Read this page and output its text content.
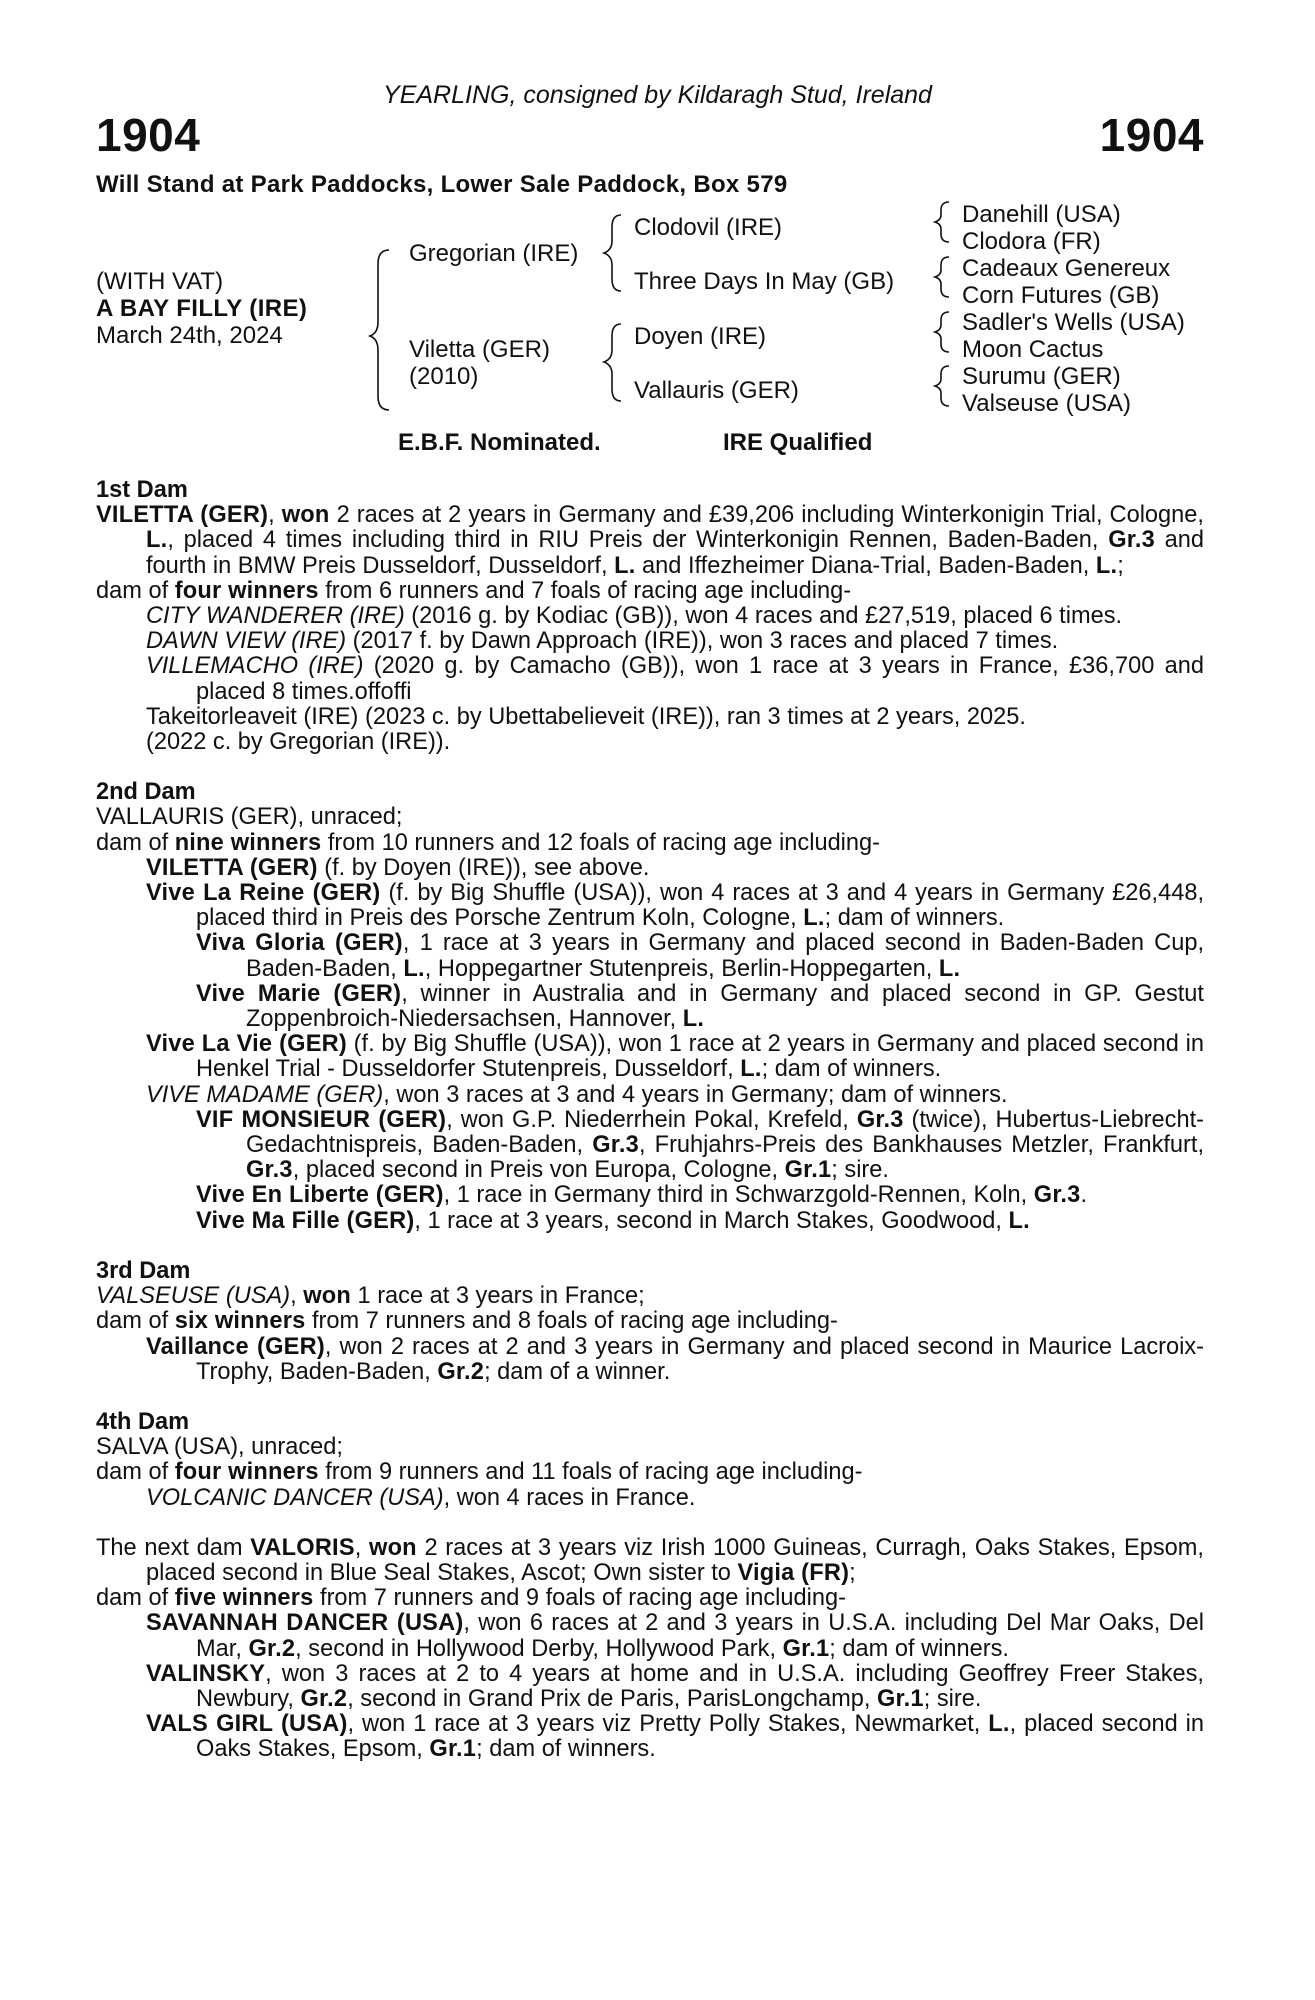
YEARLING, consigned by Kildaragh Stud, Ireland
1904	1904
Will Stand at Park Paddocks, Lower Sale Paddock, Box 579
(WITH VAT)
A BAY FILLY (IRE)
March 24th, 2024
Gregorian (IRE)
Viletta (GER)
(2010)
Clodovil (IRE)
Three Days In May (GB)
Doyen (IRE)
Vallauris (GER)
Danehill (USA)
Clodora (FR)
Cadeaux Genereux
Corn Futures (GB)
Sadler's Wells (USA)
Moon Cactus
Surumu (GER)
Valseuse (USA)
E.B.F. Nominated.	IRE Qualified
1st Dam
VILETTA (GER), won 2 races at 2 years in Germany and £39,206 including Winterkonigin Trial, Cologne, L., placed 4 times including third in RIU Preis der Winterkonigin Rennen, Baden-Baden, Gr.3 and fourth in BMW Preis Dusseldorf, Dusseldorf, L. and Iffezheimer Diana-Trial, Baden-Baden, L.;
dam of four winners from 6 runners and 7 foals of racing age including-
CITY WANDERER (IRE) (2016 g. by Kodiac (GB)), won 4 races and £27,519, placed 6 times.
DAWN VIEW (IRE) (2017 f. by Dawn Approach (IRE)), won 3 races and placed 7 times.
VILLEMACHO (IRE) (2020 g. by Camacho (GB)), won 1 race at 3 years in France, £36,700 and placed 8 times.offoffi
Takeitorleaveit (IRE) (2023 c. by Ubettabelieveit (IRE)), ran 3 times at 2 years, 2025.
(2022 c. by Gregorian (IRE)).
2nd Dam
VALLAURIS (GER), unraced;
dam of nine winners from 10 runners and 12 foals of racing age including-
VILETTA (GER) (f. by Doyen (IRE)), see above.
Vive La Reine (GER) (f. by Big Shuffle (USA)), won 4 races at 3 and 4 years in Germany £26,448, placed third in Preis des Porsche Zentrum Koln, Cologne, L.; dam of winners.
Viva Gloria (GER), 1 race at 3 years in Germany and placed second in Baden-Baden Cup, Baden-Baden, L., Hoppegartner Stutenpreis, Berlin-Hoppegarten, L.
Vive Marie (GER), winner in Australia and in Germany and placed second in GP. Gestut Zoppenbroich-Niedersachsen, Hannover, L.
Vive La Vie (GER) (f. by Big Shuffle (USA)), won 1 race at 2 years in Germany and placed second in Henkel Trial - Dusseldorfer Stutenpreis, Dusseldorf, L.; dam of winners.
VIVE MADAME (GER), won 3 races at 3 and 4 years in Germany; dam of winners.
VIF MONSIEUR (GER), won G.P. Niederrhein Pokal, Krefeld, Gr.3 (twice), Hubertus-Liebrecht-Gedachtnispreis, Baden-Baden, Gr.3, Fruhjahrs-Preis des Bankhauses Metzler, Frankfurt, Gr.3, placed second in Preis von Europa, Cologne, Gr.1; sire.
Vive En Liberte (GER), 1 race in Germany third in Schwarzgold-Rennen, Koln, Gr.3.
Vive Ma Fille (GER), 1 race at 3 years, second in March Stakes, Goodwood, L.
3rd Dam
VALSEUSE (USA), won 1 race at 3 years in France;
dam of six winners from 7 runners and 8 foals of racing age including-
Vaillance (GER), won 2 races at 2 and 3 years in Germany and placed second in Maurice Lacroix-Trophy, Baden-Baden, Gr.2; dam of a winner.
4th Dam
SALVA (USA), unraced;
dam of four winners from 9 runners and 11 foals of racing age including-
VOLCANIC DANCER (USA), won 4 races in France.
The next dam VALORIS, won 2 races at 3 years viz Irish 1000 Guineas, Curragh, Oaks Stakes, Epsom, placed second in Blue Seal Stakes, Ascot; Own sister to Vigia (FR);
dam of five winners from 7 runners and 9 foals of racing age including-
SAVANNAH DANCER (USA), won 6 races at 2 and 3 years in U.S.A. including Del Mar Oaks, Del Mar, Gr.2, second in Hollywood Derby, Hollywood Park, Gr.1; dam of winners.
VALINSKY, won 3 races at 2 to 4 years at home and in U.S.A. including Geoffrey Freer Stakes, Newbury, Gr.2, second in Grand Prix de Paris, ParisLongchamp, Gr.1; sire.
VALS GIRL (USA), won 1 race at 3 years viz Pretty Polly Stakes, Newmarket, L., placed second in Oaks Stakes, Epsom, Gr.1; dam of winners.
